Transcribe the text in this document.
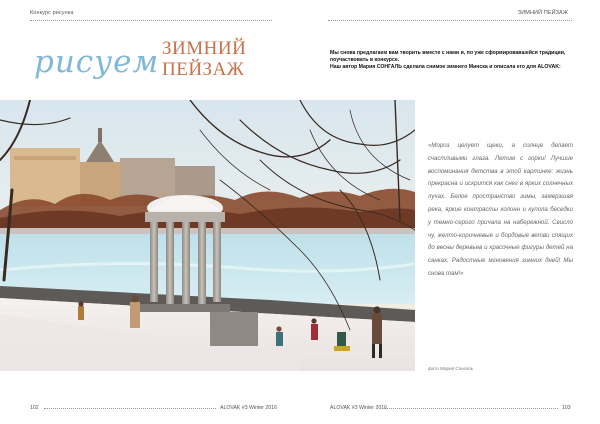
Конкурс рисунка	ЗИМНИЙ ПЕЙЗАЖ
рисуем ЗИМНИЙ
ПЕЙЗАЖ
Мы снова предлагаем вам творить вместе с нами и, по уже сформировавшейся традиции,
поучаствовать в конкурсе.
Наш автор Мария СОНГАЛЬ сделала снимок зимнего Минска и описала его для ALOVAK:
«Мороз целует щеки, а солнце делает счастливыми глаза. Летим с горки! Лучшие воспоминания детства в этой картинке: жизнь прекрасна и искрится как снег в ярких солнечных лучах. Белое пространство зимы, замерзшая река, яркие контрасты колонн и купола беседки у темно-серого причала на набережной. Свисло чу, желто-коричневые и бордовые ветви спящих до весны деревьев и красочные фигуры детей на санках. Радостные мгновения зимних дней! Мы снова там!»
фото Мария Сонгаль
102	ALOVAK #3 Winter 2016	ALOVAK #3 Winter 2016	103
